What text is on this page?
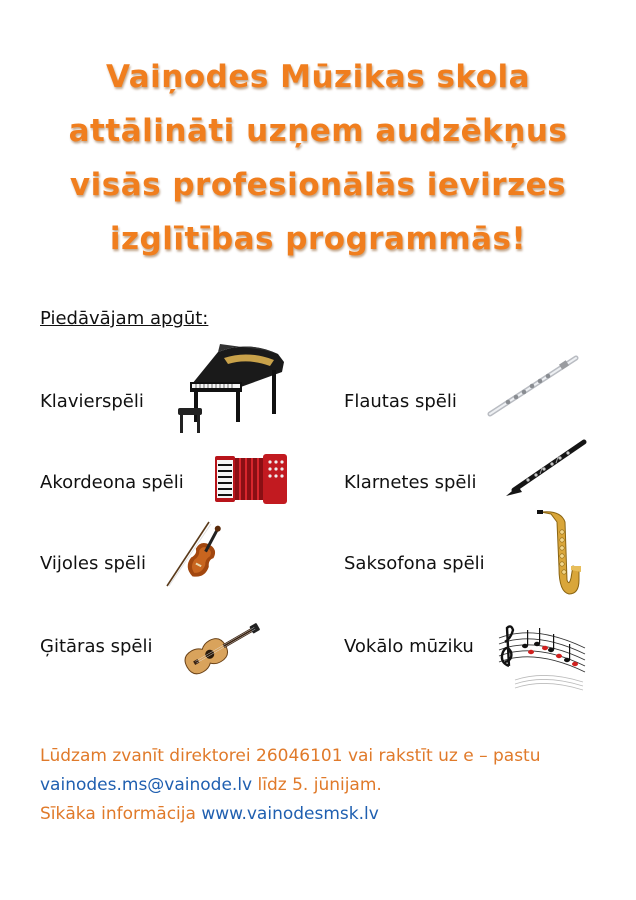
Vaiņodes Mūzikas skola
attālināti uzņem audzēkņus
visās profesionālās ievirzes
izglītības programmās!
Piedāvājam apgūt:
Klavierspēli
Akordeona spēli
Vijoles spēli
Ģitāras spēli
Flautas spēli
Klarnetes spēli
Saksofona spēli
Vokālo mūziku
Lūdzam zvanīt direktorei 26046101 vai rakstīt uz e – pastu
vainodes.ms@vainode.lv līdz 5. jūnijam.
Sīkāka informācija www.vainodesmsk.lv
